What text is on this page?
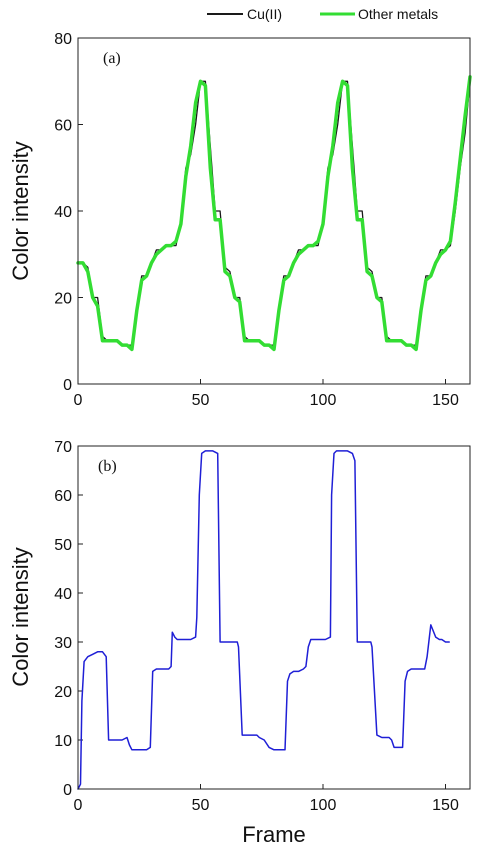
Cu(II)	Other metals
0	50	100	150
0
20
40
60
80
(a)
Color intensity
0	50	100	150
0
10
20
30
40
50
60
70
(b)
Color intensity
Frame
